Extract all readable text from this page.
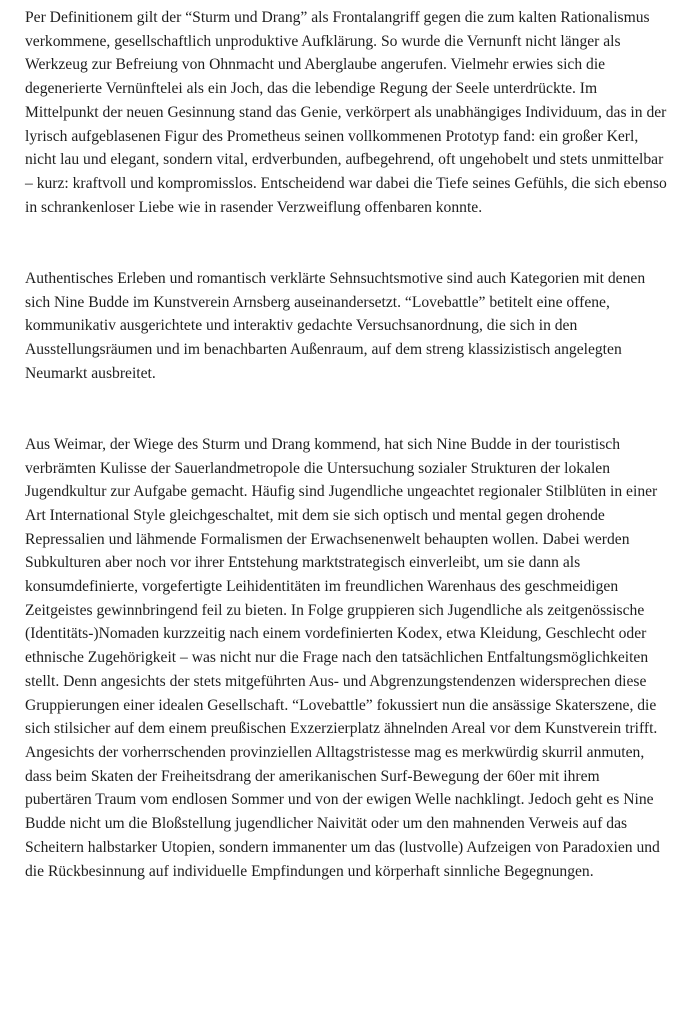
Per Definitionem gilt der “Sturm und Drang” als Frontalangriff gegen die zum kalten Rationalismus verkommene, gesellschaftlich unproduktive Aufklärung. So wurde die Vernunft nicht länger als Werkzeug zur Befreiung von Ohnmacht und Aberglaube angerufen. Vielmehr erwies sich die degenerierte Vernünftelei als ein Joch, das die lebendige Regung der Seele unterdrückte. Im Mittelpunkt der neuen Gesinnung stand das Genie, verkörpert als unabhängiges Individuum, das in der lyrisch aufgeblasenen Figur des Prometheus seinen vollkommenen Prototyp fand: ein großer Kerl, nicht lau und elegant, sondern vital, erdverbunden, aufbegehrend, oft ungehobelt und stets unmittelbar – kurz: kraftvoll und kompromisslos. Entscheidend war dabei die Tiefe seines Gefühls, die sich ebenso in schrankenloser Liebe wie in rasender Verzweiflung offenbaren konnte.

Authentisches Erleben und romantisch verklärte Sehnsuchtsmotive sind auch Kategorien mit denen sich Nine Budde im Kunstverein Arnsberg auseinandersetzt. “Lovebattle” betitelt eine offene, kommunikativ ausgerichtete und interaktiv gedachte Versuchsanordnung, die sich in den Ausstellungsräumen und im benachbarten Außenraum, auf dem streng klassizistisch angelegten Neumarkt ausbreitet.

Aus Weimar, der Wiege des Sturm und Drang kommend, hat sich Nine Budde in der touristisch verbrämten Kulisse der Sauerlandmetropole die Untersuchung sozialer Strukturen der lokalen Jugendkultur zur Aufgabe gemacht. Häufig sind Jugendliche ungeachtet regionaler Stilblüten in einer Art International Style gleichgeschaltet, mit dem sie sich optisch und mental gegen drohende Repressalien und lähmende Formalismen der Erwachsenenwelt behaupten wollen. Dabei werden Subkulturen aber noch vor ihrer Entstehung marktstrategisch einverleibt, um sie dann als konsumdefinierte, vorgefertigte Leihidentitäten im freundlichen Warenhaus des geschmeidigen Zeitgeistes gewinnbringend feil zu bieten. In Folge gruppieren sich Jugendliche als zeitgenössische (Identitäts-)Nomaden kurzzeitig nach einem vordefinierten Kodex, etwa Kleidung, Geschlecht oder ethnische Zugehörigkeit – was nicht nur die Frage nach den tatsächlichen Entfaltungsmöglichkeiten stellt. Denn angesichts der stets mitgeführten Aus- und Abgrenzungstendenzen widersprechen diese Gruppierungen einer idealen Gesellschaft. “Lovebattle” fokussiert nun die ansässige Skaterszene, die sich stilsicher auf dem einem preußischen Exzerzierplatz ähnelnden Areal vor dem Kunstverein trifft. Angesichts der vorherrschenden provinziellen Alltagstristesse mag es merkwürdig skurril anmuten, dass beim Skaten der Freiheitsdrang der amerikanischen Surf-Bewegung der 60er mit ihrem pubertären Traum vom endlosen Sommer und von der ewigen Welle nachklingt. Jedoch geht es Nine Budde nicht um die Bloßstellung jugendlicher Naivität oder um den mahnenden Verweis auf das Scheitern halbstarker Utopien, sondern immanenter um das (lustvolle) Aufzeigen von Paradoxien und die Rückbesinnung auf individuelle Empfindungen und körperhaft sinnliche Begegnungen.
